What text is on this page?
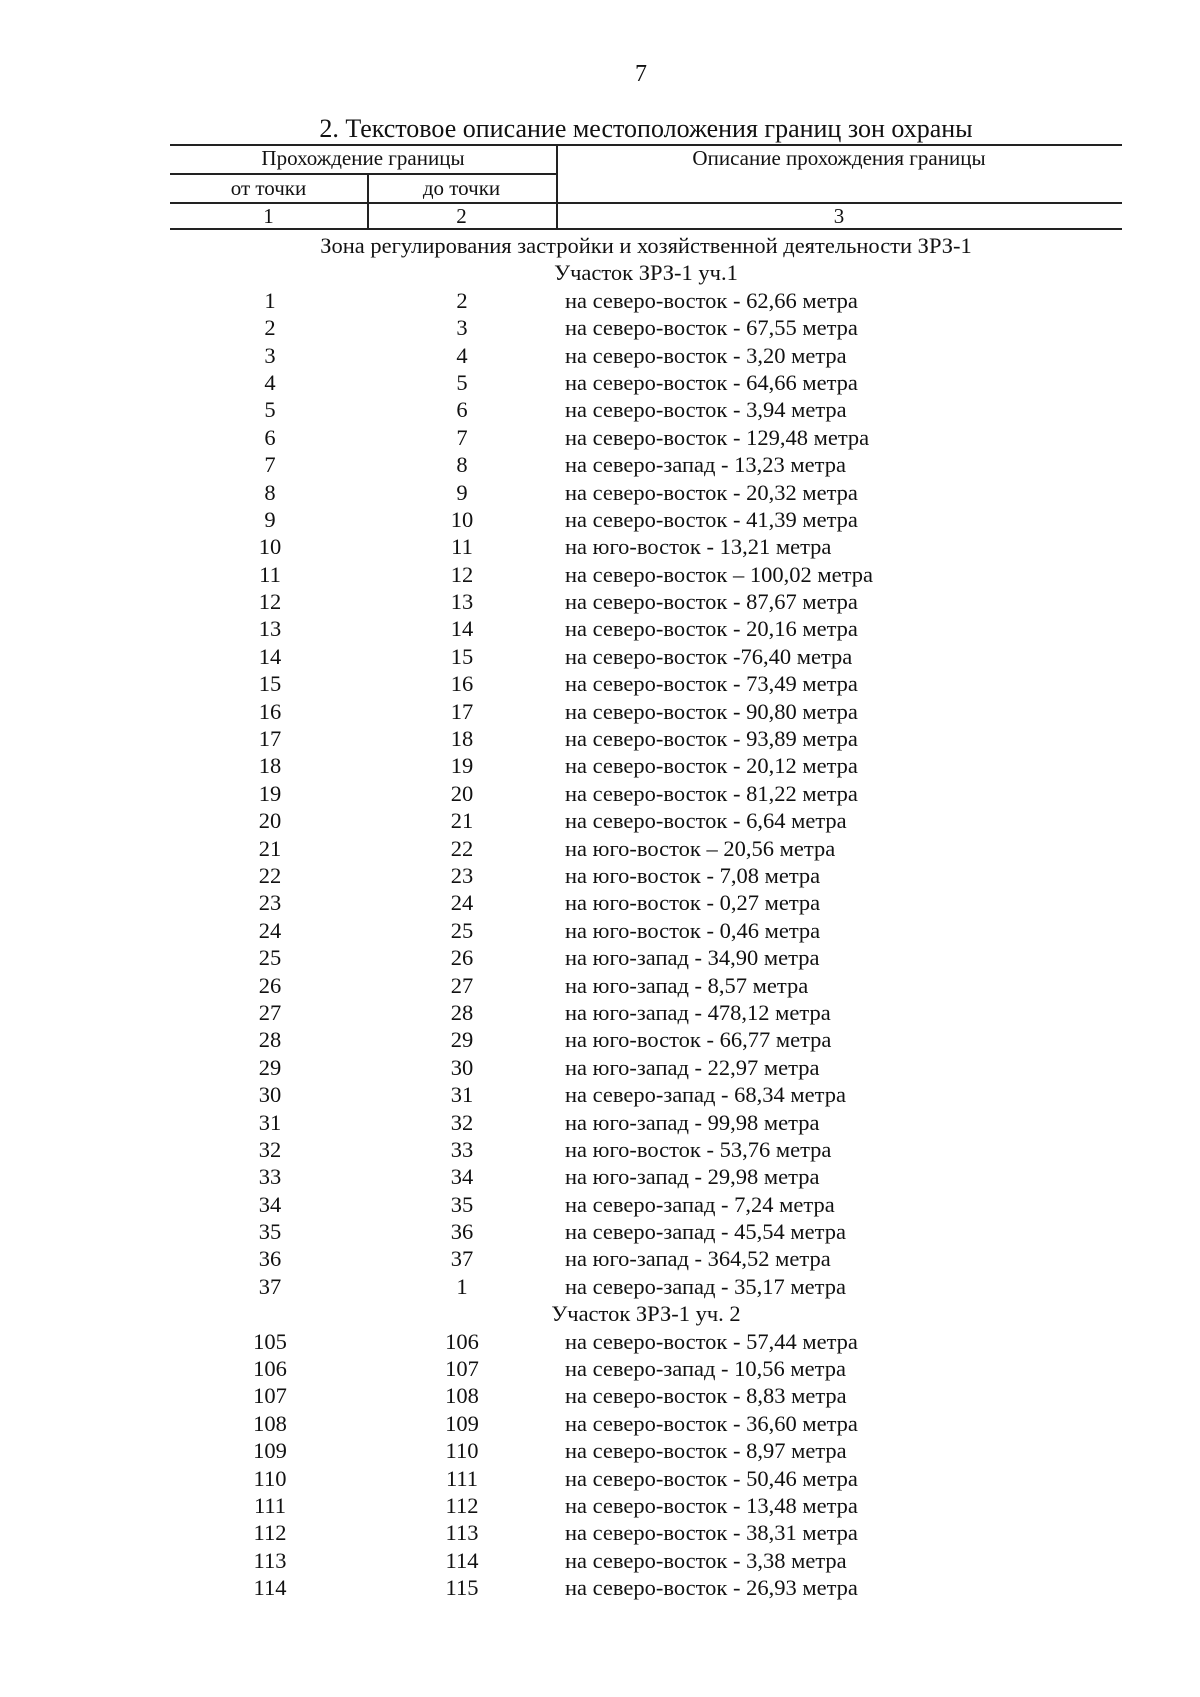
7
2. Текстовое описание местоположения границ зон охраны
Прохождение границы	Описание прохождения границы
от точки	до точки
1	2	3
Зона регулирования застройки и хозяйственной деятельности ЗРЗ-1
Участок ЗРЗ-1 уч.1
1	2	на северо-восток - 62,66 метра
2	3	на северо-восток - 67,55 метра
3	4	на северо-восток - 3,20 метра
4	5	на северо-восток - 64,66 метра
5	6	на северо-восток - 3,94 метра
6	7	на северо-восток - 129,48 метра
7	8	на северо-запад - 13,23 метра
8	9	на северо-восток - 20,32 метра
9	10	на северо-восток - 41,39 метра
10	11	на юго-восток - 13,21 метра
11	12	на северо-восток – 100,02 метра
12	13	на северо-восток - 87,67 метра
13	14	на северо-восток - 20,16 метра
14	15	на северо-восток -76,40 метра
15	16	на северо-восток - 73,49 метра
16	17	на северо-восток - 90,80 метра
17	18	на северо-восток - 93,89 метра
18	19	на северо-восток - 20,12 метра
19	20	на северо-восток - 81,22 метра
20	21	на северо-восток - 6,64 метра
21	22	на юго-восток – 20,56 метра
22	23	на юго-восток - 7,08 метра
23	24	на юго-восток - 0,27 метра
24	25	на юго-восток - 0,46 метра
25	26	на юго-запад - 34,90 метра
26	27	на юго-запад - 8,57 метра
27	28	на юго-запад - 478,12 метра
28	29	на юго-восток - 66,77 метра
29	30	на юго-запад - 22,97 метра
30	31	на северо-запад - 68,34 метра
31	32	на юго-запад - 99,98 метра
32	33	на юго-восток - 53,76 метра
33	34	на юго-запад - 29,98 метра
34	35	на северо-запад - 7,24 метра
35	36	на северо-запад - 45,54 метра
36	37	на юго-запад - 364,52 метра
37	1	на северо-запад - 35,17 метра
Участок ЗРЗ-1 уч. 2
105	106	на северо-восток - 57,44 метра
106	107	на северо-запад - 10,56 метра
107	108	на северо-восток - 8,83 метра
108	109	на северо-восток - 36,60 метра
109	110	на северо-восток - 8,97 метра
110	111	на северо-восток - 50,46 метра
111	112	на северо-восток - 13,48 метра
112	113	на северо-восток - 38,31 метра
113	114	на северо-восток - 3,38 метра
114	115	на северо-восток - 26,93 метра
